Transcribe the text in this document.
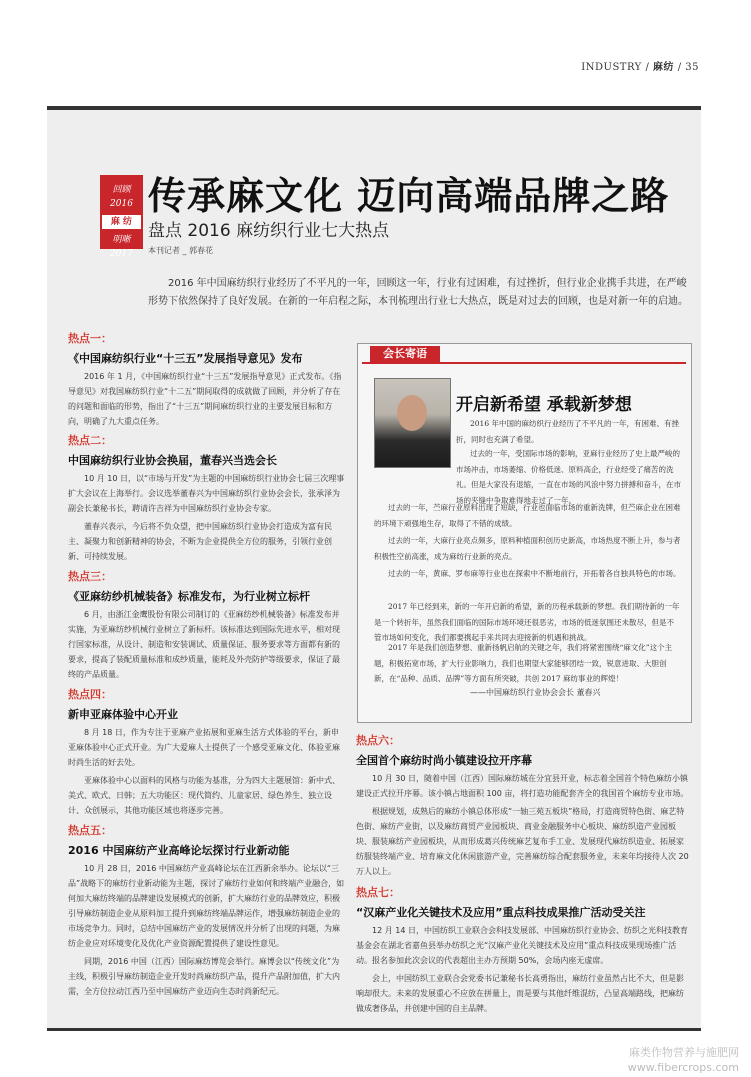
INDUSTRY / 麻纺 / 35
回顾2016
麻 纺
明晰2017
传承麻文化 迈向高端品牌之路
盘点 2016 麻纺织行业七大热点
本刊记者 _ 郭春花
2016 年中国麻纺织行业经历了不平凡的一年，回顾这一年，行业有过困难，有过挫折，但行业企业携手共进，在严峻形势下依然保持了良好发展。在新的一年启程之际，本刊梳理出行业七大热点，既是对过去的回顾，也是对新一年的启迪。
热点一：
《中国麻纺织行业“十三五”发展指导意见》发布
2016 年 1 月，《中国麻纺织行业“十三五”发展指导意见》正式发布。《指导意见》对我国麻纺织行业“十二五”期间取得的成就做了回顾，并分析了存在的问题和面临的形势，指出了“十三五”期间麻纺织行业的主要发展目标和方向，明确了九大重点任务。
热点二：
中国麻纺织行业协会换届，董春兴当选会长
10 月 10 日，以“市场与开发”为主题的中国麻纺织行业协会七届三次理事扩大会议在上海举行。会议选举董春兴为中国麻纺织行业协会会长，张承泽为副会长兼秘书长，聘请许吉祥为中国麻纺织行业协会专家。
董春兴表示，今后将不负众望，把中国麻纺织行业协会打造成为富有民主、凝聚力和创新精神的协会，不断为企业提供全方位的服务，引领行业创新、可持续发展。
热点三：
《亚麻纺纱机械装备》标准发布，为行业树立标杆
6 月，由浙江金鹰股份有限公司制订的《亚麻纺纱机械装备》标准发布并实施，为亚麻纺纱机械行业树立了新标杆。该标准达到国际先进水平，相对现行国家标准，从设计、制造和安装调试、质量保证、服务要求等方面都有新的要求，提高了装配质量标准和成纱质量，能耗及外壳防护等级要求，保证了最终的产品质量。
热点四：
新申亚麻体验中心开业
8 月 18 日，作为专注于亚麻产业拓展和亚麻生活方式体验的平台，新申亚麻体验中心正式开业。为广大爱麻人士提供了一个感受亚麻文化、体验亚麻时尚生活的好去处。
亚麻体验中心以面料的风格与功能为基准，分为四大主题展馆：新中式、美式、欧式、日韩；五大功能区：现代简约、儿童家居、绿色养生、独立设计、众创展示，其他功能区域也将逐步完善。
热点五：
2016 中国麻纺产业高峰论坛探讨行业新动能
10 月 28 日，2016 中国麻纺产业高峰论坛在江西新余举办。论坛以“三品”战略下的麻纺行业新动能为主题，探讨了麻纺行业如何和终端产业融合，如何加大麻纺终端的品牌建设发展模式的创新，扩大麻纺行业的品牌效应，积极引导麻纺制造企业从原料加工提升到麻纺终端品牌运作，增强麻纺制造企业的市场竞争力。同时，总结中国麻纺产业的发展情况并分析了出现的问题，为麻纺企业应对环境变化及优化产业资源配置提供了建设性意见。
同期，2016 中国（江西）国际麻纺博览会举行。麻博会以“传统文化”为主线，积极引导麻纺制造企业开发时尚麻纺织产品，提升产品附加值，扩大内需，全方位拉动江西乃至中国麻纺产业迈向生态时尚新纪元。
会长寄语
开启新希望 承载新梦想
2016 年中国的麻纺织行业经历了不平凡的一年，有困难、有挫折，同时也充满了希望。
过去的一年，受国际市场的影响，亚麻行业经历了史上最严峻的市场冲击，市场萎缩、价格低迷、原料高企，行业经受了痛苦的洗礼。但是大家没有退缩，一直在市场的风浪中努力拼搏和奋斗，在市场的夹缝中争取难得地走过了一年。
过去的一年，苎麻行业原料出现了短缺，行业也面临市场的重新洗牌，但苎麻企业在困难的环境下顽强地生存，取得了不错的成绩。
过去的一年，大麻行业亮点频多，原料种植面积创历史新高，市场热度不断上升，参与者积极性空前高涨，成为麻纺行业新的亮点。
过去的一年，黄麻、罗布麻等行业也在探索中不断地前行，开拓着各自独具特色的市场。
2017 年已经到来，新的一年开启新的希望，新的历程承载新的梦想。我们期待新的一年是一个转折年，虽然我们面临的国际市场环境还很恶劣，市场的低迷氛围还未散尽，但是不管市场如何变化，我们都要携起手来共同去迎接新的机遇和挑战。
2017 年是我们创造梦想、重新扬帆启航的关键之年，我们将紧密围绕“麻文化”这个主题，积极拓宽市场，扩大行业影响力，我们也期望大家能够团结一致，锐意进取、大胆创新，在“品种、品质、品牌”等方面有所突破，共创 2017 麻纺事业的辉煌！
——中国麻纺织行业协会会长 董春兴
热点六：
全国首个麻纺时尚小镇建设拉开序幕
10 月 30 日，随着中国（江西）国际麻纺城在分宜县开业，标志着全国首个特色麻纺小镇建设正式拉开序幕。该小镇占地面积 100 亩，将打造功能配套齐全的我国首个麻纺专业市场。
根据规划，成熟后的麻纺小镇总体形成“一轴三苑五板块”格局，打造商贸特色街、麻艺特色街、麻纺产业街，以及麻纺商贸产业园板块、商业金融服务中心板块、麻纺织造产业园板块、服装麻纺产业园板块，从而形成葛兴传统麻艺复布手工业、发展现代麻纺织造业、拓展家纺服装终端产业、培育麻文化休闲旅游产业，完善麻纺综合配套服务业，未来年均接待人次 20 万人以上。
热点七：
“汉麻产业化关键技术及应用”重点科技成果推广活动受关注
12 月 14 日，中国纺织工业联合会科技发展部、中国麻纺织行业协会、纺织之光科技教育基金会在湖北省嘉鱼县举办纺织之光“汉麻产业化关键技术及应用”重点科技成果现场推广活动。报名参加此次会议的代表超出主办方预期 50%，会场内座无虚席。
会上，中国纺织工业联合会党委书记兼秘书长高勇指出，麻纺行业虽然占比不大，但是影响却很大。未来的发展重心不应放在拼量上，而是要与其他纤维混纺，凸显高端路线，把麻纺做成奢侈品，并创建中国的自主品牌。
麻类作物营养与施肥网
www.fibercrops.com
